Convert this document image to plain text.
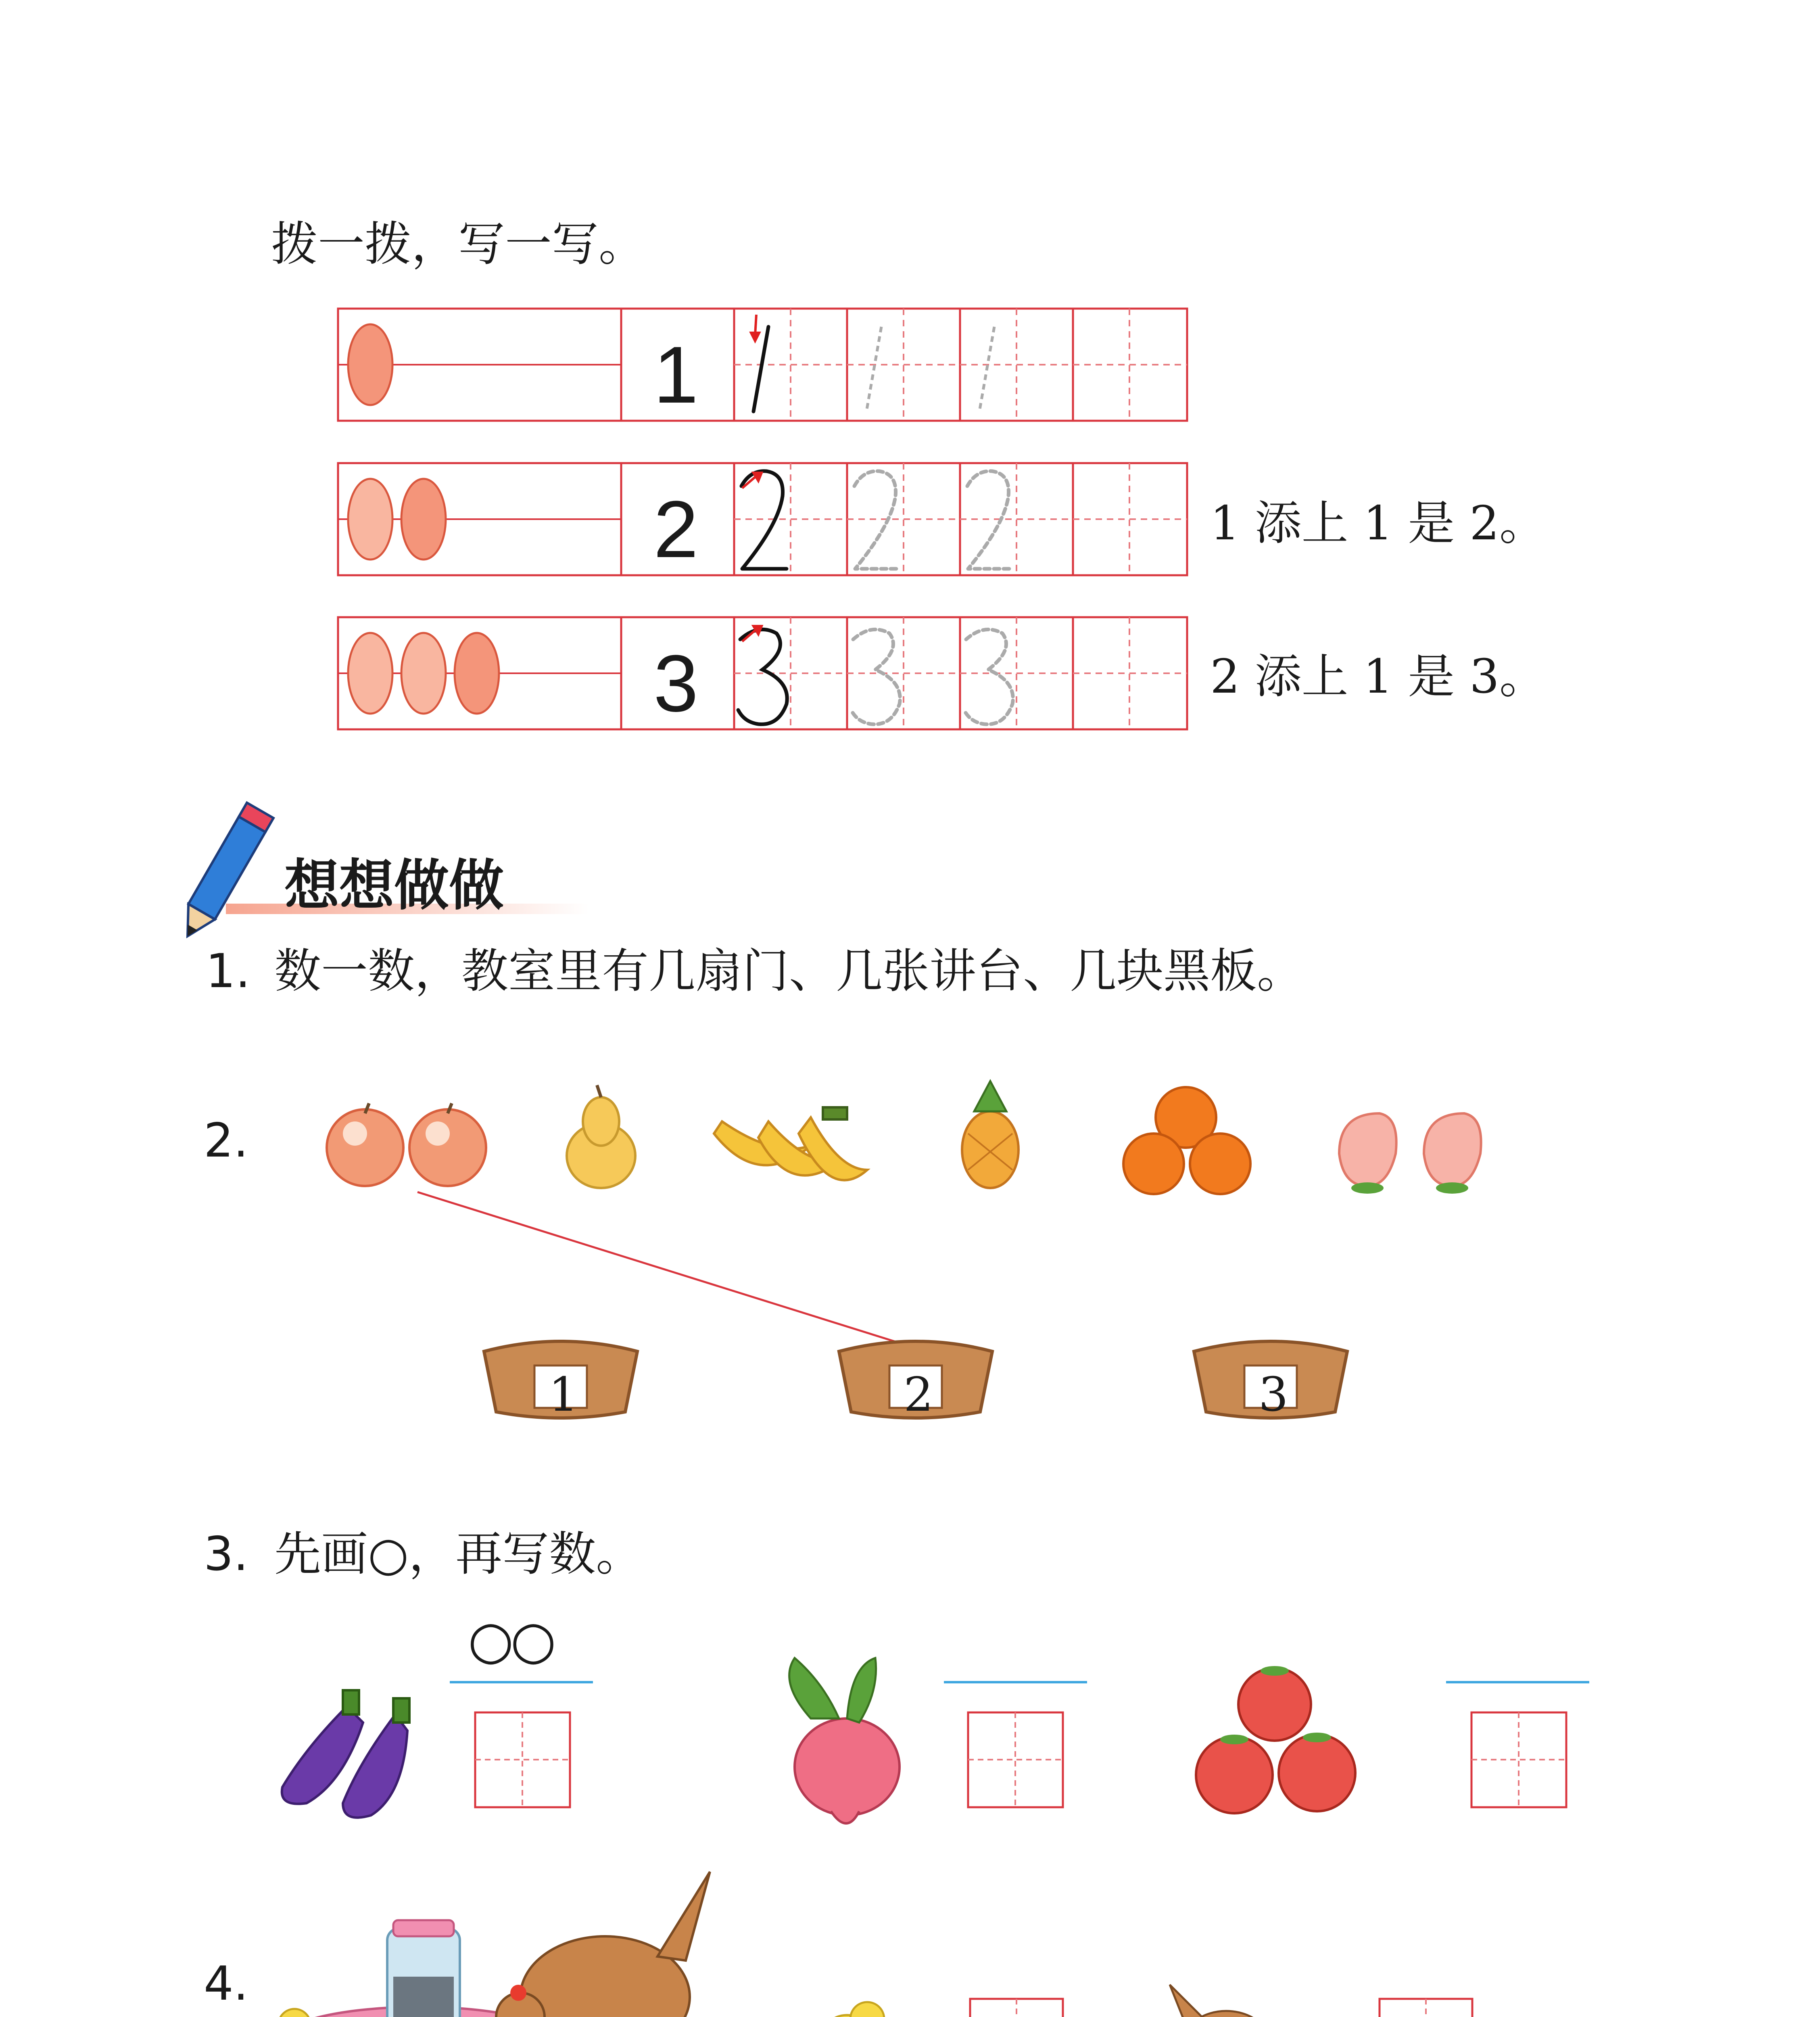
拨一拨，写一写。
1
2
3
1 添上 1 是 2。
2 添上 1 是 3。
想想做做
1. 数一数，教室里有几扇门、几张讲台、几块黑板。
2.
1	2	3
3. 先画○，再写数。
○○
4.
